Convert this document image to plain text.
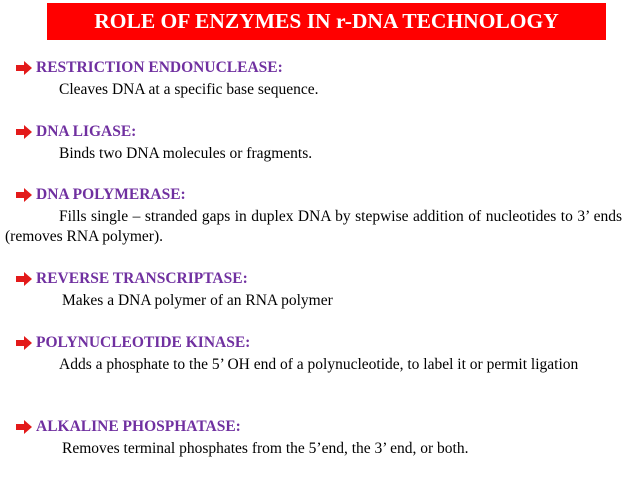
ROLE OF ENZYMES IN r-DNA TECHNOLOGY
RESTRICTION ENDONUCLEASE:
Cleaves DNA at a specific base sequence.
DNA LIGASE:
Binds two DNA molecules or fragments.
DNA POLYMERASE:
Fills single – stranded gaps in duplex DNA by stepwise addition of nucleotides to 3’ ends (removes RNA polymer).
REVERSE TRANSCRIPTASE:
Makes a DNA polymer of an RNA polymer
POLYNUCLEOTIDE KINASE:
Adds a phosphate to the 5’ OH end of a polynucleotide, to label it or permit ligation
ALKALINE PHOSPHATASE:
Removes terminal phosphates from the 5’end, the 3’ end, or both.
